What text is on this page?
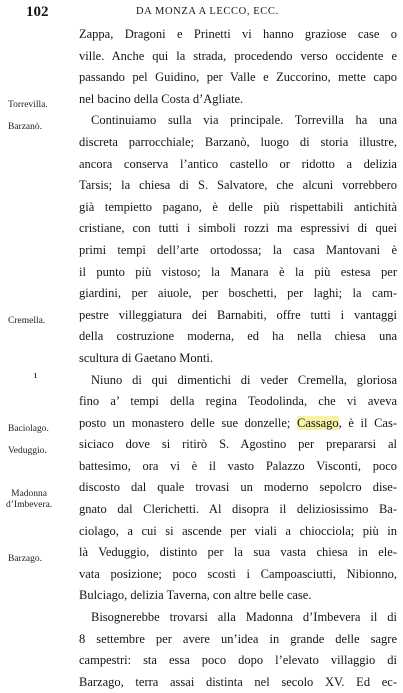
102	DA MONZA A LECCO, ECC.
Torrevilla.
Barzanò.
Cremella.
ı
Baciolago.
Veduggio.
Madonna
d’Imbevera.
Barzago.
Zappa, Dragoni e Prinetti vi hanno graziose case o
ville. Anche qui la strada, procedendo verso occidente e
passando pel Guidino, per Valle e Zuccorino, mette capo
nel bacino della Costa d’Agliate.
Continuiamo sulla via principale. Torrevilla ha una
discreta parrocchiale; Barzanò, luogo di storia illustre,
ancora conserva l’antico castello or ridotto a delizia
Tarsis; la chiesa di S. Salvatore, che alcuni vorrebbero
già tempietto pagano, è delle più rispettabili antichità
cristiane, con tutti i simboli rozzi ma espressivi di quei
primi tempi dell’arte ortodossa; la casa Mantovani è
il punto più vistoso; la Manara è la più estesa per
giardini, per aiuole, per boschetti, per laghi; la cam-
pestre villeggiatura dei Barnabiti, offre tutti i vantaggi
della costruzione moderna, ed ha nella chiesa una
scultura di Gaetano Monti.
Niuno di qui dimentichi di veder Cremella, gloriosa
fino a’ tempi della regina Teodolinda, che vi aveva
posto un monastero delle sue donzelle; Cassago, è il Cas-
siciaco dove si ritirò S. Agostino per prepararsi al
battesimo, ora vi è il vasto Palazzo Visconti, poco
discosto dal quale trovasi un moderno sepolcro dise-
gnato dal Clerichetti. Al disopra il deliziosissimo Ba-
ciolago, a cui si ascende per viali a chiocciola; più in
là Veduggio, distinto per la sua vasta chiesa in ele-
vata posizione; poco scosti i Campoasciutti, Nibionno,
Bulciago, delizia Taverna, con altre belle case.
Bisognerebbe trovarsi alla Madonna d’Imbevera il di
8 settembre per avere un’idea in grande delle sagre
campestri: sta essa poco dopo l’elevato villaggio di
Barzago, terra assai distinta nel secolo XV. Ed ec-
